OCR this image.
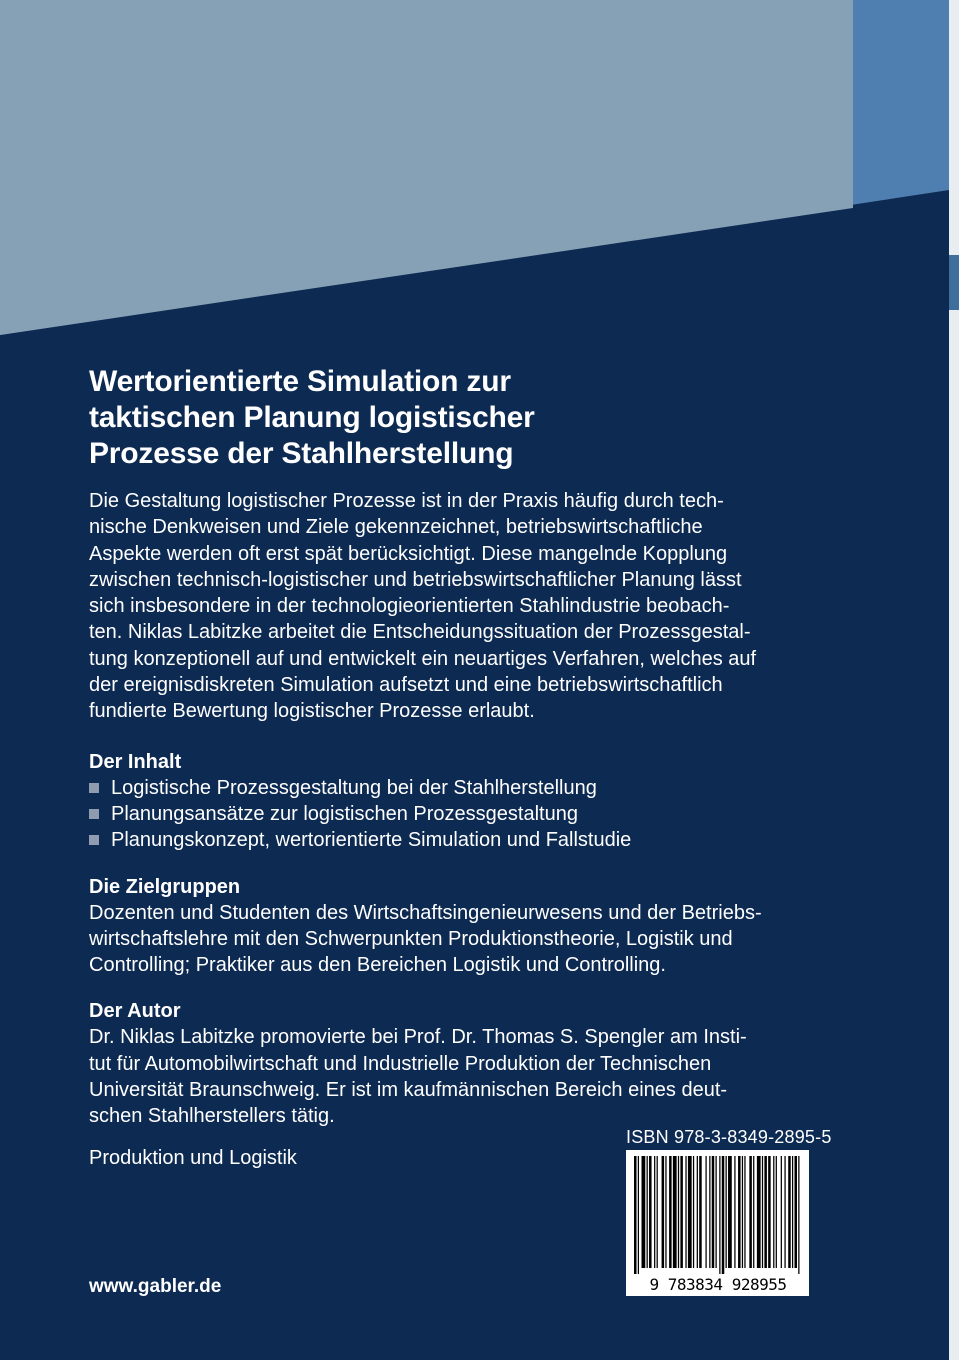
Wertorientierte Simulation zur
taktischen Planung logistischer
Prozesse der Stahlherstellung

Die Gestaltung logistischer Prozesse ist in der Praxis häufig durch tech-
nische Denkweisen und Ziele gekennzeichnet, betriebswirtschaftliche
Aspekte werden oft erst spät berücksichtigt. Diese mangelnde Kopplung
zwischen technisch-logistischer und betriebswirtschaftlicher Planung lässt
sich insbesondere in der technologieorientierten Stahlindustrie beobach-
ten. Niklas Labitzke arbeitet die Entscheidungssituation der Prozessgestal-
tung konzeptionell auf und entwickelt ein neuartiges Verfahren, welches auf
der ereignisdiskreten Simulation aufsetzt und eine betriebswirtschaftlich
fundierte Bewertung logistischer Prozesse erlaubt.

Der Inhalt
Logistische Prozessgestaltung bei der Stahlherstellung
Planungsansätze zur logistischen Prozessgestaltung
Planungskonzept, wertorientierte Simulation und Fallstudie
Die Zielgruppen

Dozenten und Studenten des Wirtschaftsingenieurwesens und der Betriebs-
wirtschaftslehre mit den Schwerpunkten Produktionstheorie, Logistik und
Controlling; Praktiker aus den Bereichen Logistik und Controlling.

Der Autor

Dr. Niklas Labitzke promovierte bei Prof. Dr. Thomas S. Spengler am Insti-
tut für Automobilwirtschaft und Industrielle Produktion der Technischen
Universität Braunschweig. Er ist im kaufmännischen Bereich eines deut-
schen Stahlherstellers tätig.

Produktion und Logistik
www.gabler.de
ISBN 978-3-8349-2895-5
9 783834 928955
